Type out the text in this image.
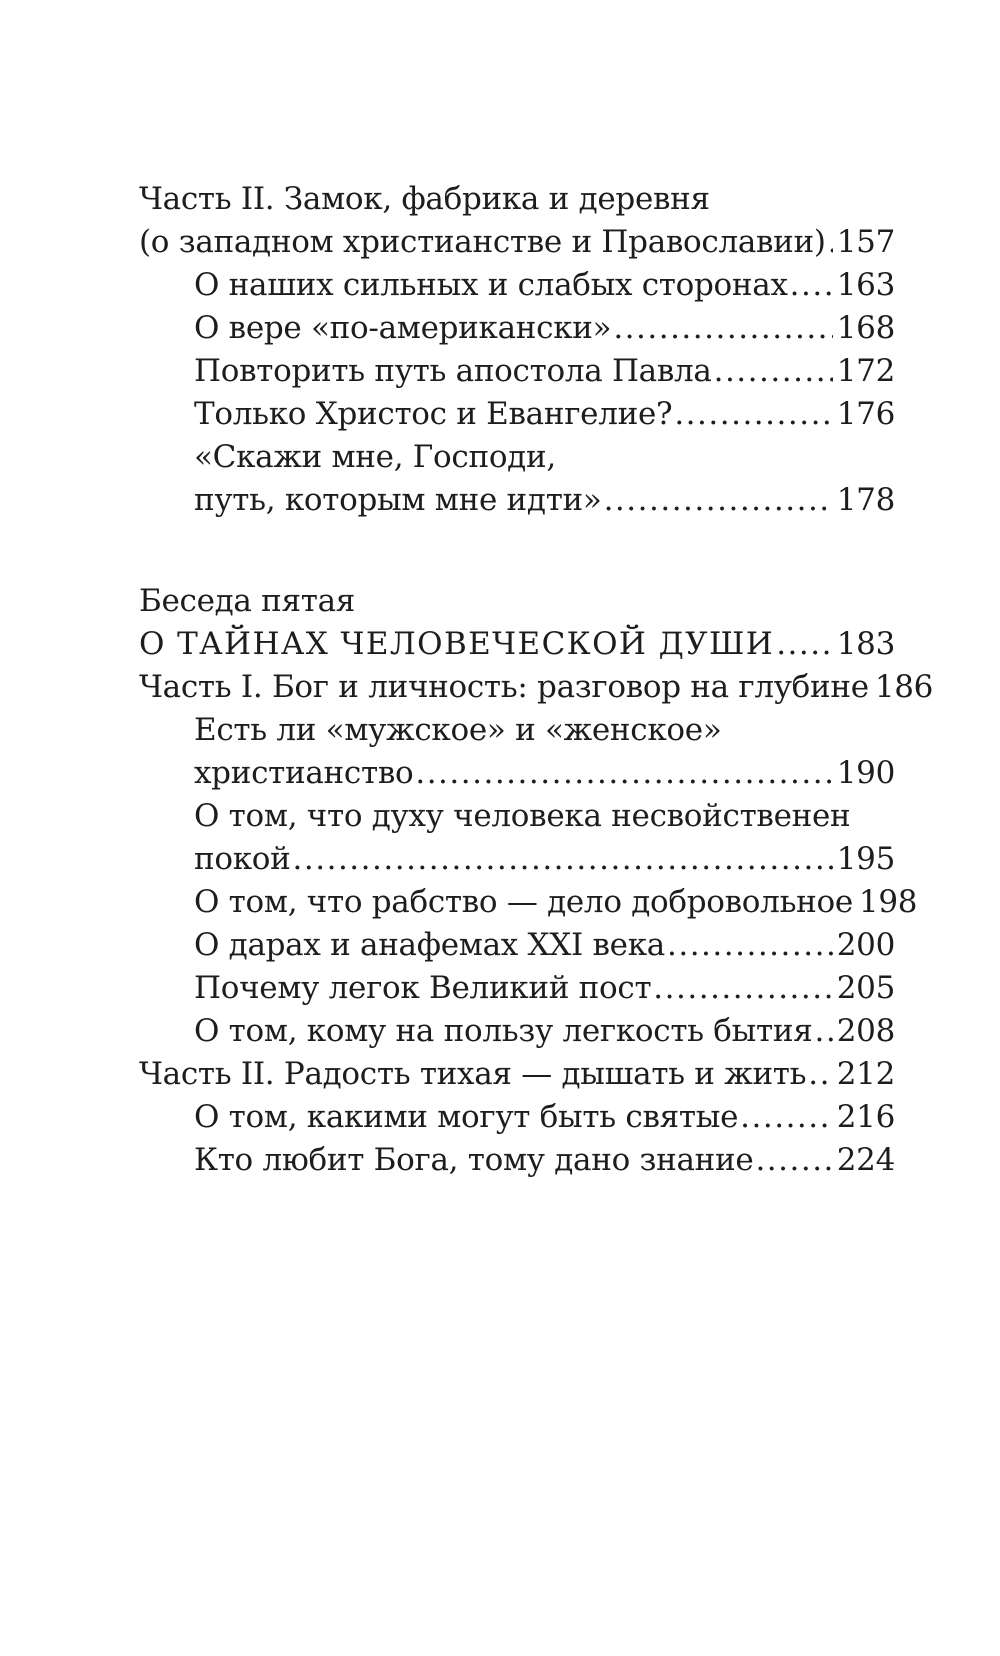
Часть II. Замок, фабрика и деревня
(о западном христианстве и Православии) ..... 157
О наших сильных и слабых сторонах ..... 163
О вере «по-американски» .....	168
Повторить путь апостола Павла .....	172
Только Христос и Евангелие? .....	176
«Скажи мне, Господи,
путь, которым мне идти» .....	178
Беседа пятая
О ТАЙНАХ ЧЕЛОВЕЧЕСКОЙ ДУШИ ..... 183
Часть I. Бог и личность: разговор на глубине 186
Есть ли «мужское» и «женское»
христианство .....	190
О том, что духу человека несвойственен
покой .....	195
О том, что рабство — дело добровольное 198
О дарах и анафемах XXI века .....	200
Почему легок Великий пост .....	205
О том, кому на пользу легкость бытия ..... 208
Часть II. Радость тихая — дышать и жить ..... 212
О том, какими могут быть святые .....	216
Кто любит Бога, тому дано знание .....	224
